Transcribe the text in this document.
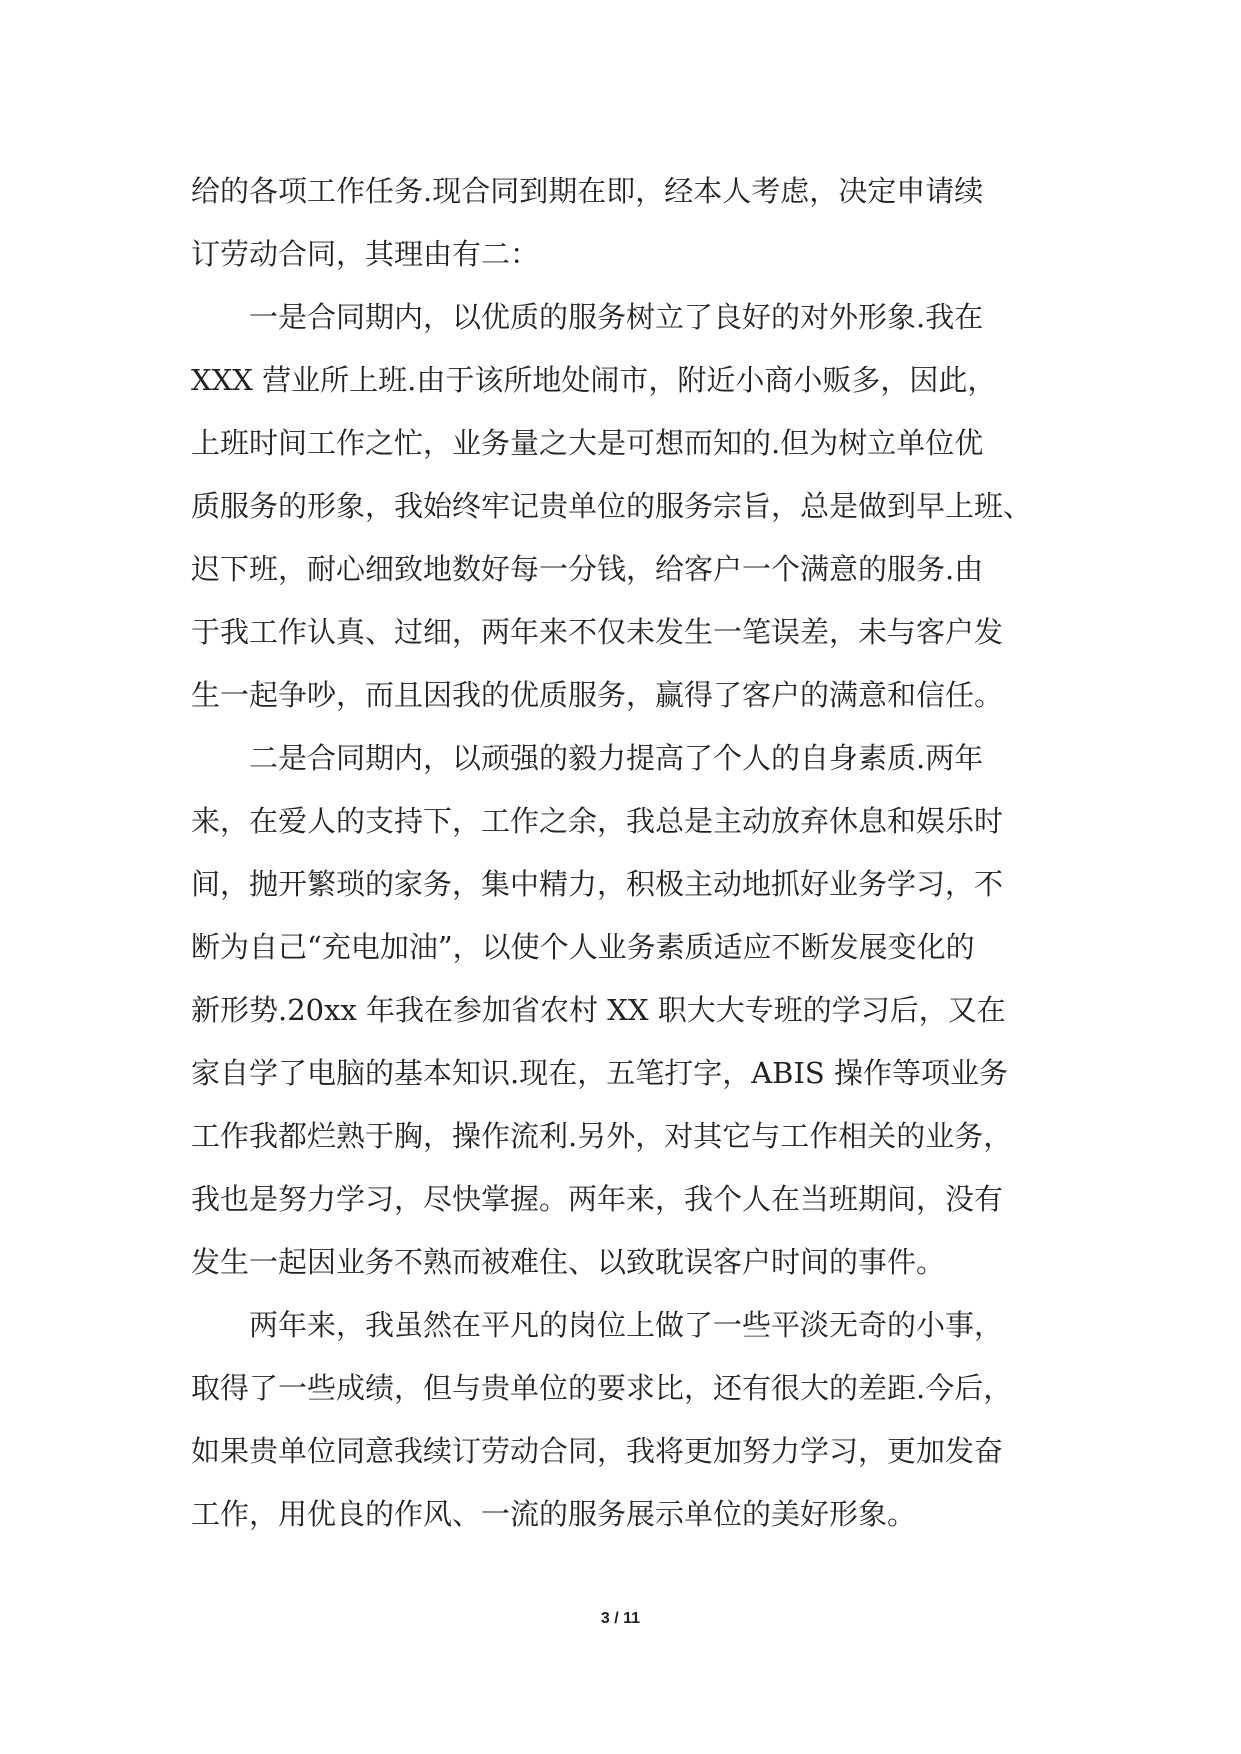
给的各项工作任务.现合同到期在即，经本人考虑，决定申请续
订劳动合同，其理由有二：
一是合同期内，以优质的服务树立了良好的对外形象.我在
XXX 营业所上班.由于该所地处闹市，附近小商小贩多，因此，
上班时间工作之忙，业务量之大是可想而知的.但为树立单位优
质服务的形象，我始终牢记贵单位的服务宗旨，总是做到早上班、
迟下班，耐心细致地数好每一分钱，给客户一个满意的服务.由
于我工作认真、过细，两年来不仅未发生一笔误差，未与客户发
生一起争吵，而且因我的优质服务，赢得了客户的满意和信任。
二是合同期内，以顽强的毅力提高了个人的自身素质.两年
来，在爱人的支持下，工作之余，我总是主动放弃休息和娱乐时
间，抛开繁琐的家务，集中精力，积极主动地抓好业务学习，不
断为自己“充电加油”，以使个人业务素质适应不断发展变化的
新形势.20xx 年我在参加省农村 XX 职大大专班的学习后，又在
家自学了电脑的基本知识.现在，五笔打字，ABIS 操作等项业务
工作我都烂熟于胸，操作流利.另外，对其它与工作相关的业务，
我也是努力学习，尽快掌握。两年来，我个人在当班期间，没有
发生一起因业务不熟而被难住、以致耽误客户时间的事件。
两年来，我虽然在平凡的岗位上做了一些平淡无奇的小事，
取得了一些成绩，但与贵单位的要求比，还有很大的差距.今后，
如果贵单位同意我续订劳动合同，我将更加努力学习，更加发奋
工作，用优良的作风、一流的服务展示单位的美好形象。
3 / 11
